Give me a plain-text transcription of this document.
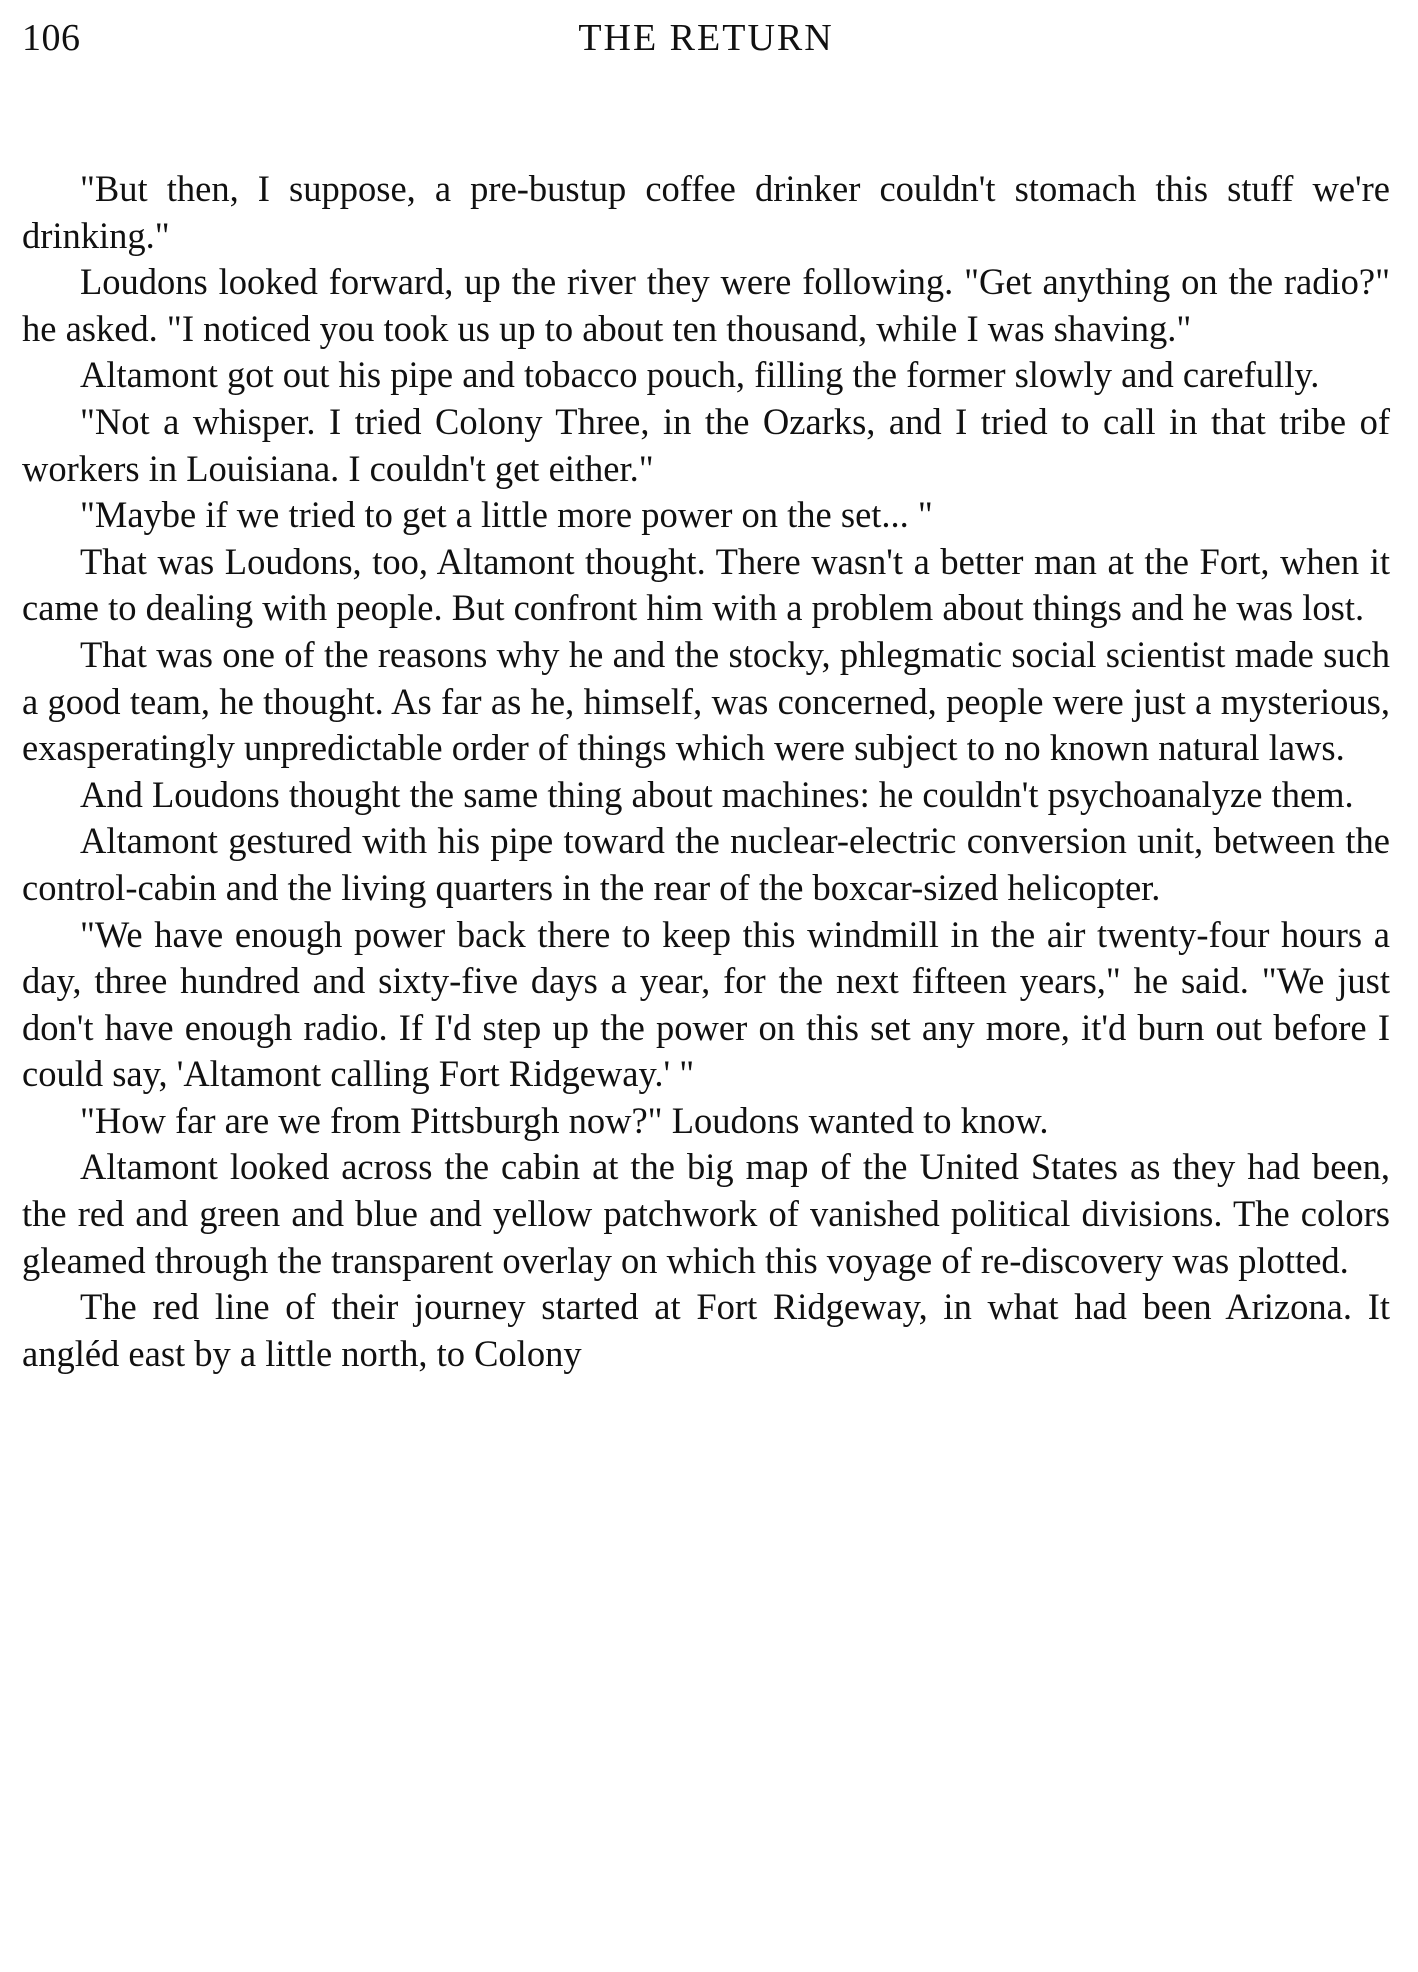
106	THE RETURN

"But then, I suppose, a pre-bustup coffee drinker couldn't stomach this stuff we're drinking."

Loudons looked forward, up the river they were following. "Get anything on the radio?" he asked. "I noticed you took us up to about ten thousand, while I was shaving."

Altamont got out his pipe and tobacco pouch, filling the former slowly and carefully.

"Not a whisper. I tried Colony Three, in the Ozarks, and I tried to call in that tribe of workers in Louisiana. I couldn't get either."

"Maybe if we tried to get a little more power on the set... "

That was Loudons, too, Altamont thought. There wasn't a better man at the Fort, when it came to dealing with people. But confront him with a problem about things and he was lost.

That was one of the reasons why he and the stocky, phlegmatic social scientist made such a good team, he thought. As far as he, himself, was concerned, people were just a mysterious, exasperatingly unpredictable order of things which were subject to no known natural laws.

And Loudons thought the same thing about machines: he couldn't psychoanalyze them.

Altamont gestured with his pipe toward the nuclear-electric conversion unit, between the control-cabin and the living quarters in the rear of the boxcar-sized helicopter.

"We have enough power back there to keep this windmill in the air twenty-four hours a day, three hundred and sixty-five days a year, for the next fifteen years," he said. "We just don't have enough radio. If I'd step up the power on this set any more, it'd burn out before I could say, 'Altamont calling Fort Ridgeway.' "

"How far are we from Pittsburgh now?" Loudons wanted to know.

Altamont looked across the cabin at the big map of the United States as they had been, the red and green and blue and yellow patchwork of vanished political divisions. The colors gleamed through the transparent overlay on which this voyage of re-discovery was plotted.

The red line of their journey started at Fort Ridgeway, in what had been Arizona. It angléd east by a little north, to Colony
